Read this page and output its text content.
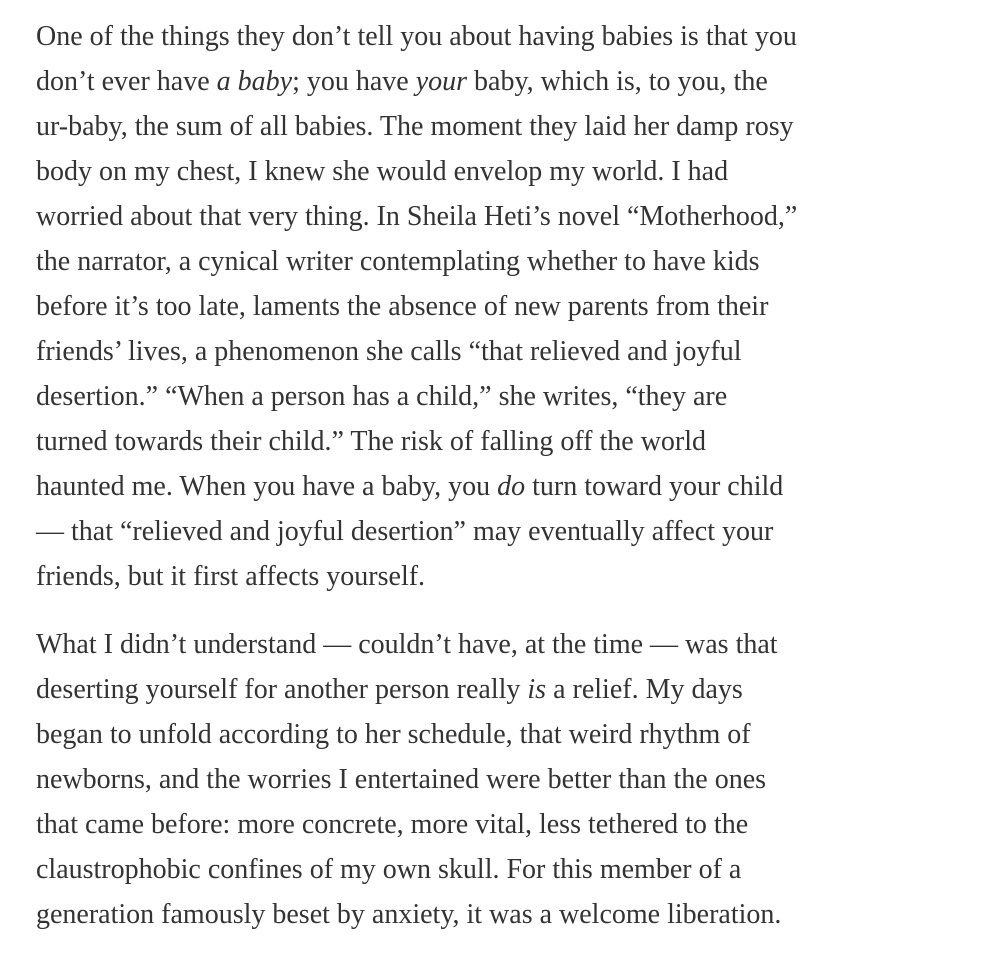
One of the things they don’t tell you about having babies is that you
don’t ever have a baby; you have your baby, which is, to you, the
ur-baby, the sum of all babies. The moment they laid her damp rosy
body on my chest, I knew she would envelop my world. I had
worried about that very thing. In Sheila Heti’s novel “Motherhood,”
the narrator, a cynical writer contemplating whether to have kids
before it’s too late, laments the absence of new parents from their
friends’ lives, a phenomenon she calls “that relieved and joyful
desertion.” “When a person has a child,” she writes, “they are
turned towards their child.” The risk of falling off the world
haunted me. When you have a baby, you do turn toward your child
— that “relieved and joyful desertion” may eventually affect your
friends, but it first affects yourself.

What I didn’t understand — couldn’t have, at the time — was that
deserting yourself for another person really is a relief. My days
began to unfold according to her schedule, that weird rhythm of
newborns, and the worries I entertained were better than the ones
that came before: more concrete, more vital, less tethered to the
claustrophobic confines of my own skull. For this member of a
generation famously beset by anxiety, it was a welcome liberation.
